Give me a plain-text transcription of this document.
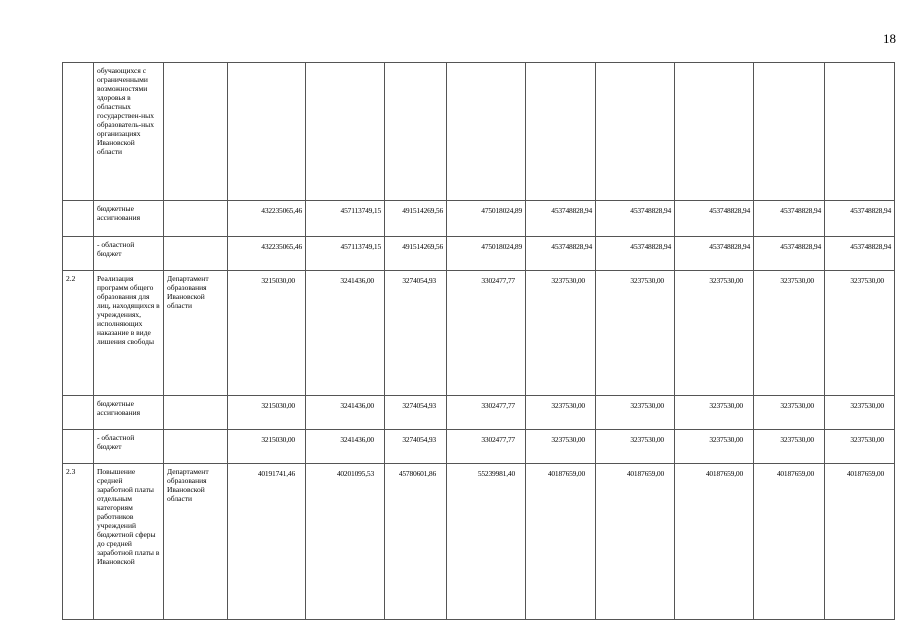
18
	обучающихся с ограниченными возможностями здоровья в областных государствен-ных образователь-ных организациях Ивановской области										
	бюджетные ассигнования		432235065,46	457113749,15	491514269,56	475018024,89	453748828,94	453748828,94	453748828,94	453748828,94	453748828,94
	- областной бюджет		432235065,46	457113749,15	491514269,56	475018024,89	453748828,94	453748828,94	453748828,94	453748828,94	453748828,94
2.2	Реализация программ общего образования для лиц, находящихся в учреждениях, исполняющих наказание в виде лишения свободы	Департамент образования Ивановской области	3215030,00	3241436,00	3274054,93	3302477,77	3237530,00	3237530,00	3237530,00	3237530,00	3237530,00
	бюджетные ассигнования		3215030,00	3241436,00	3274054,93	3302477,77	3237530,00	3237530,00	3237530,00	3237530,00	3237530,00
	- областной бюджет		3215030,00	3241436,00	3274054,93	3302477,77	3237530,00	3237530,00	3237530,00	3237530,00	3237530,00
2.3	Повышение средней заработной платы отдельным категориям работников учреждений бюджетной сферы до средней заработной платы в Ивановской	Департамент образования Ивановской области	40191741,46	40201095,53	45780601,86	55239981,40	40187659,00	40187659,00	40187659,00	40187659,00	40187659,00
